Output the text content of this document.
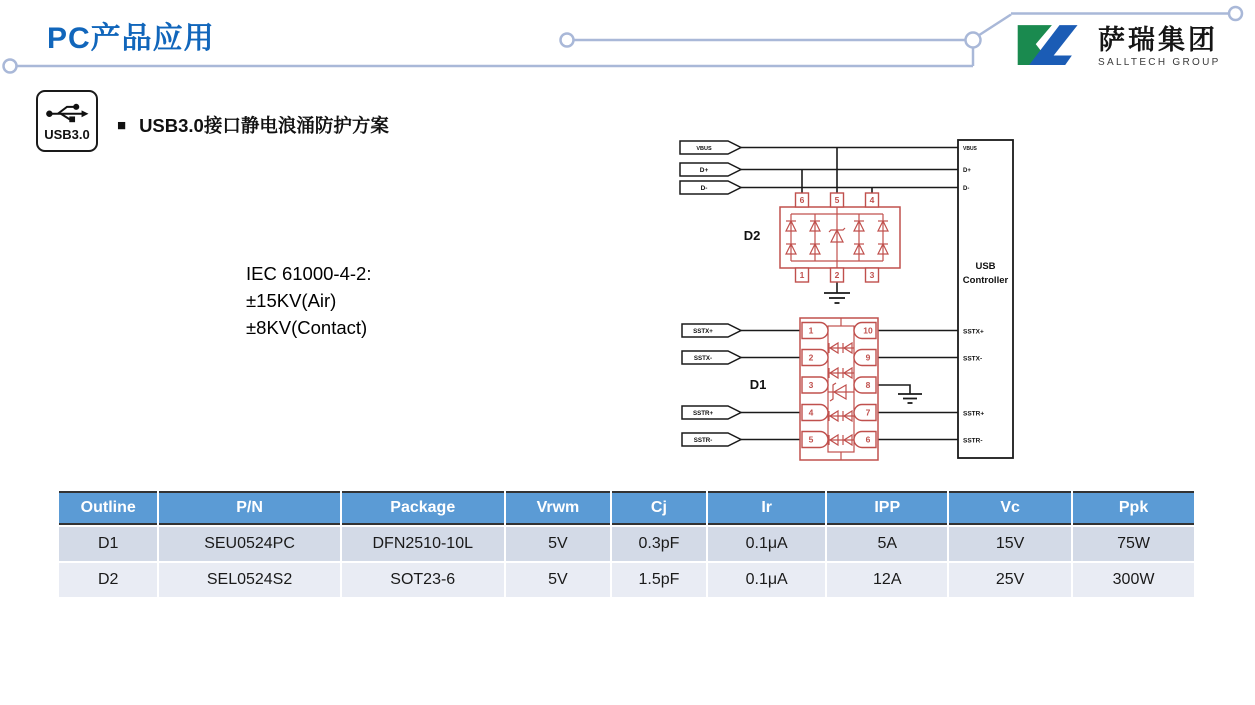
PC产品应用	萨瑞集团
SALLTECH GROUP
USB3.0
■ USB3.0接口静电浪涌防护方案
IEC 61000-4-2:
±15KV(Air)
±8KV(Contact)
VBUS
D+
D-
SSTX+
SSTX-
SSTR+
SSTR-
6	5	4
1	2	3
D2
1
2
3
4
5
10
9
8
7
6
D1
VBUS
D+
D-
SSTX+
SSTX-
SSTR+
SSTR-
USB
Controller
Outline	P/N	Package	Vrwm	Cj	Ir	IPP	Vc	Ppk
D1	SEU0524PC	DFN2510-10L	5V	0.3pF	0.1μA	5A	15V	75W
D2	SEL0524S2	SOT23-6	5V	1.5pF	0.1μA	12A	25V	300W
